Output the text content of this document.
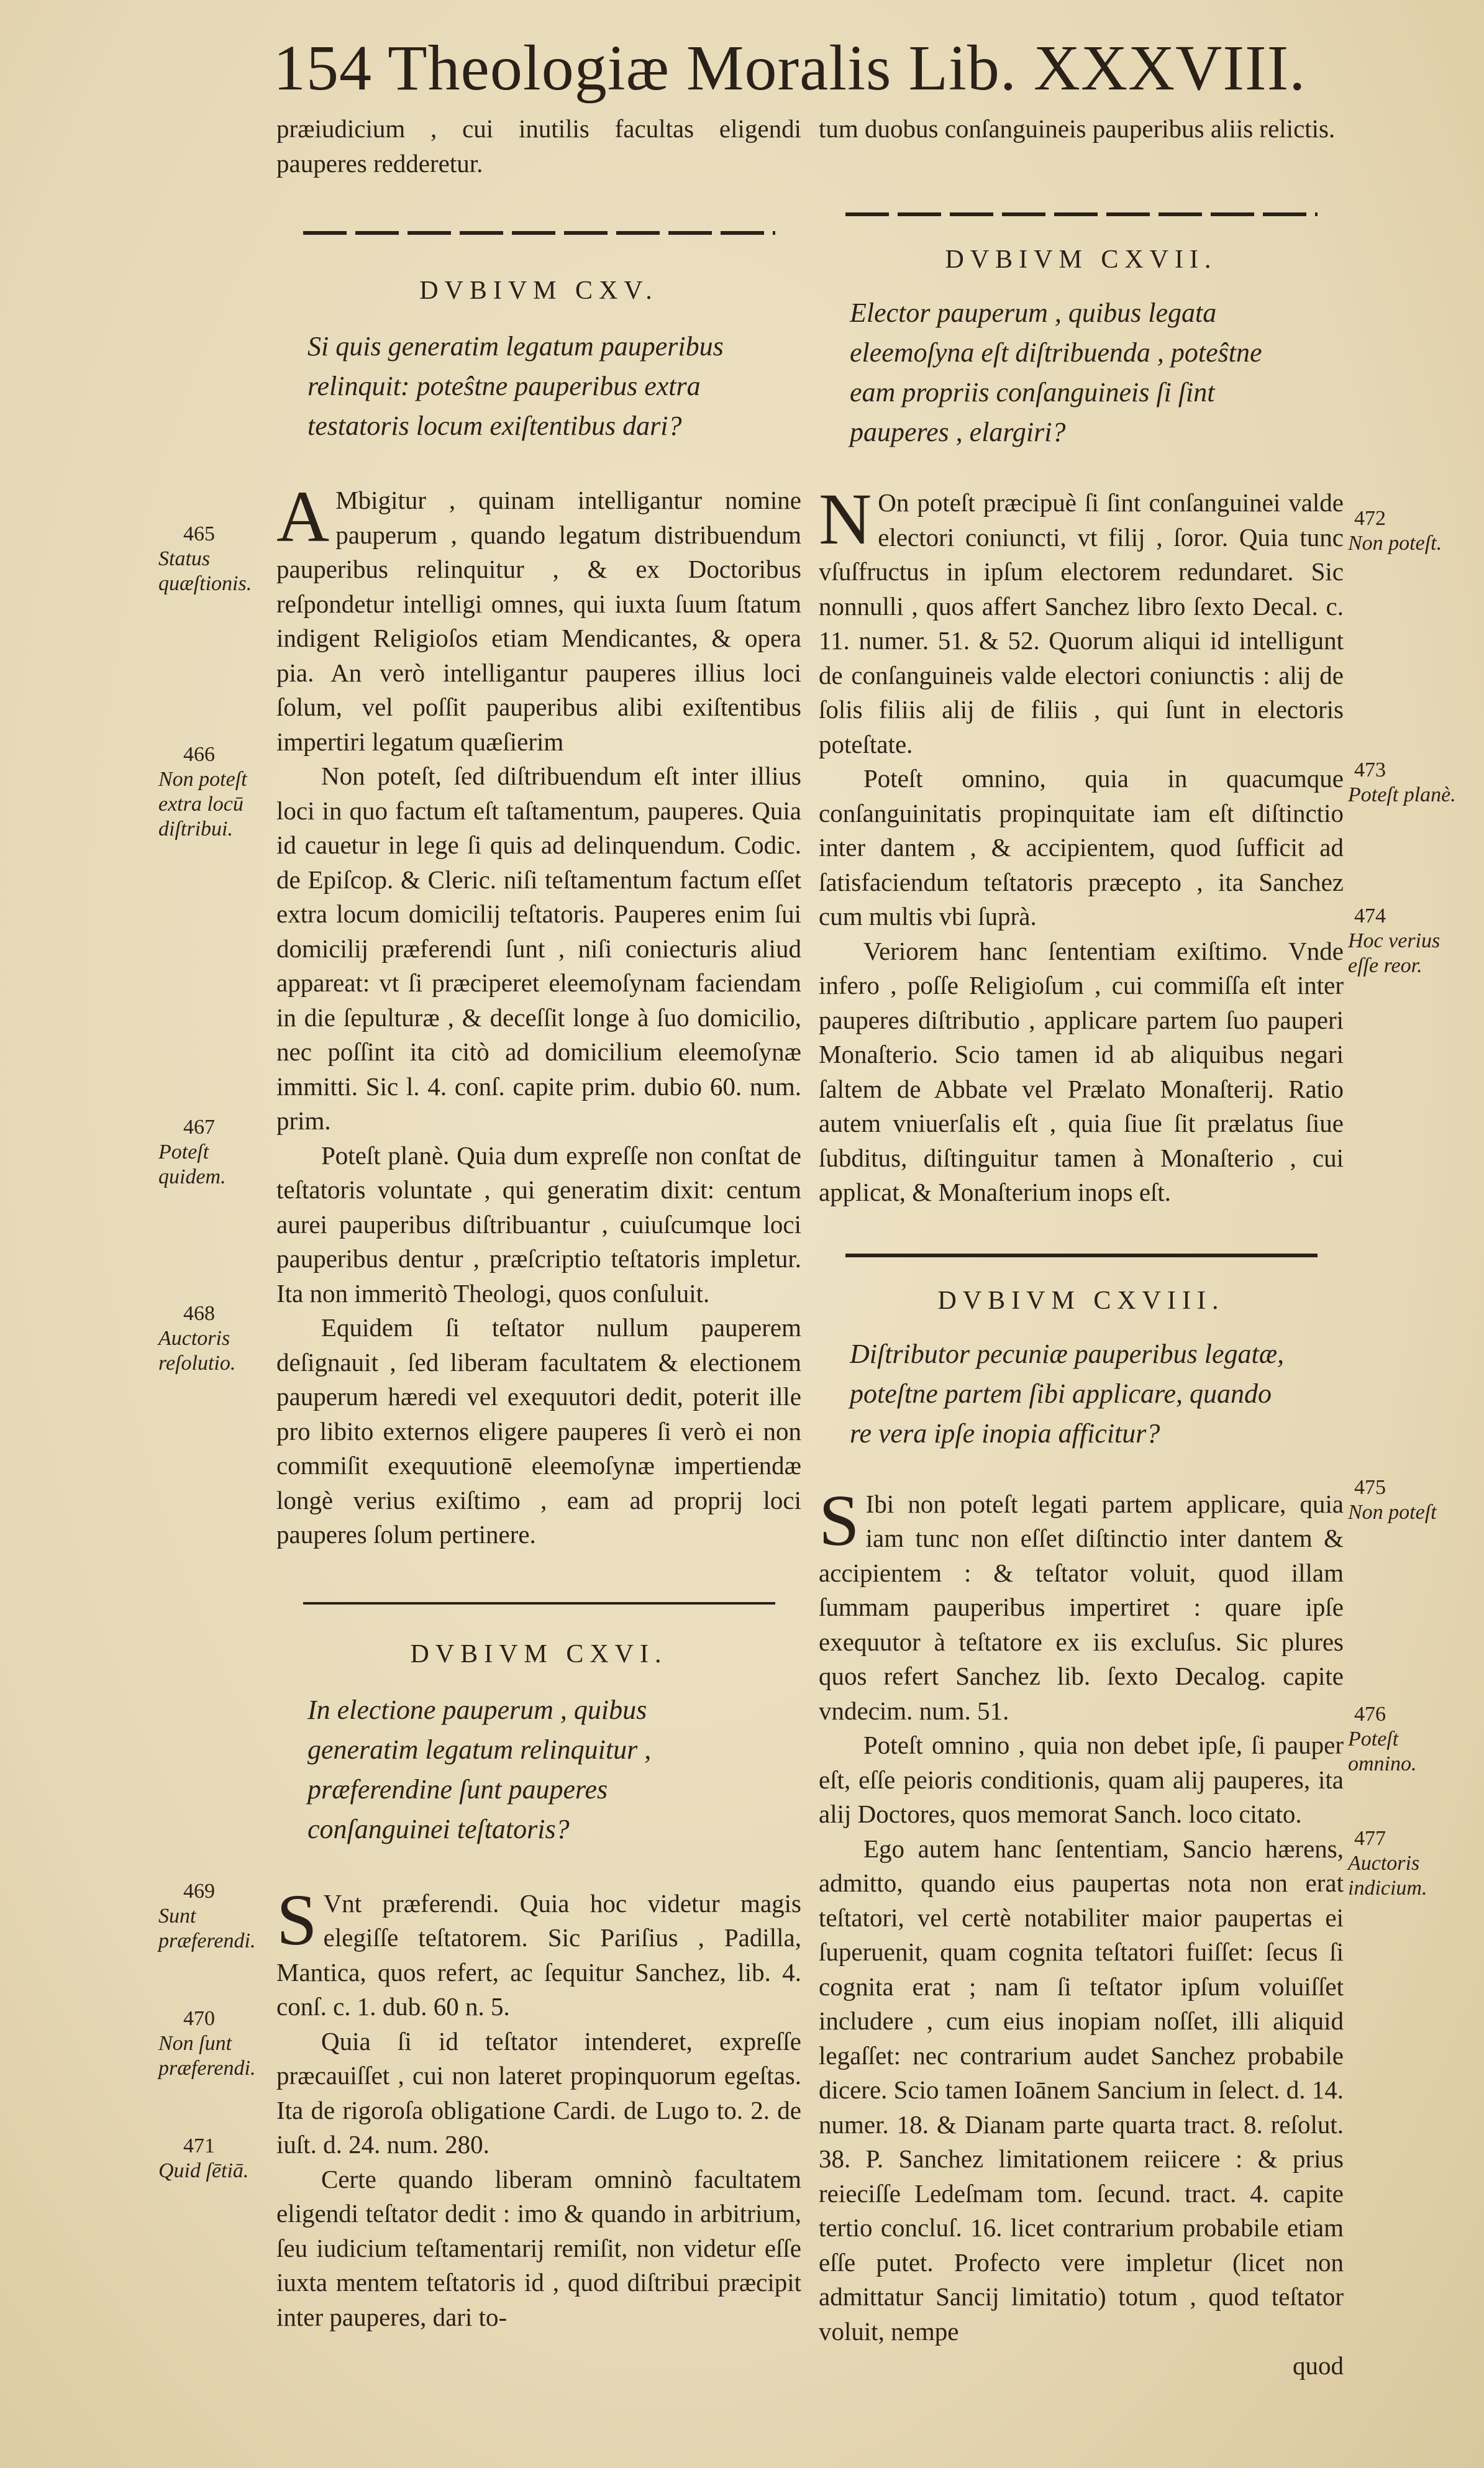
154 Theologiæ Moralis Lib. XXXVIII.
præiudicium , cui inutilis facultas eligendi pauperes redderetur.
DVBIVM CXV.
Si quis generatim legatum pauperibus relinquit: poteŝtne pauperibus extra testatoris locum exiſtentibus dari?

A Mbigitur , quinam intelligantur nomine pauperum , quando legatum distribuendum pauperibus relinquitur , & ex Doctoribus reſpondetur intelligi omnes, qui iuxta ſuum ſtatum indigent Religioſos etiam Mendicantes, & opera pia. An verò intelligantur pauperes illius loci ſolum, vel poſſit pauperibus alibi exiſtentibus impertiri legatum quæſierim

Non poteſt, ſed diſtribuendum eſt inter illius loci in quo factum eſt taſtamentum, pauperes. Quia id cauetur in lege ſi quis ad delinquendum. Codic. de Epiſcop. & Cleric. niſi teſtamentum factum eſſet extra locum domicilij teſtatoris. Pauperes enim ſui domicilij præferendi ſunt , niſi coniecturis aliud appareat: vt ſi præciperet eleemoſynam faciendam in die ſepulturæ , & deceſſit longe à ſuo domicilio, nec poſſint ita citò ad domicilium eleemoſynæ immitti. Sic l. 4. conſ. capite prim. dubio 60. num. prim.

Poteſt planè. Quia dum expreſſe non conſtat de teſtatoris voluntate , qui generatim dixit: centum aurei pauperibus diſtribuantur , cuiuſcumque loci pauperibus dentur , præſcriptio teſtatoris impletur. Ita non immeritò Theologi, quos conſuluit.

Equidem ſi teſtator nullum pauperem deſignauit , ſed liberam facultatem & electionem pauperum hæredi vel exequutori dedit, poterit ille pro libito externos eligere pauperes ſi verò ei non commiſit exequutionē eleemoſynæ impertiendæ longè verius exiſtimo , eam ad proprij loci pauperes ſolum pertinere.

DVBIVM CXVI.
In electione pauperum , quibus generatim legatum relinquitur , præferendine ſunt pauperes conſanguinei teſtatoris?

S Vnt præferendi. Quia hoc videtur magis elegiſſe teſtatorem. Sic Pariſius , Padilla, Mantica, quos refert, ac ſequitur Sanchez, lib. 4. conſ. c. 1. dub. 60 n. 5.

Quia ſi id teſtator intenderet, expreſſe præcauiſſet , cui non lateret propinquorum egeſtas. Ita de rigoroſa obligatione Cardi. de Lugo to. 2. de iuſt. d. 24. num. 280.

Certe quando liberam omninò facultatem eligendi teſtator dedit : imo & quando in arbitrium, ſeu iudicium teſtamentarij remiſit, non videtur eſſe iuxta mentem teſtatoris id , quod diſtribui præcipit inter pauperes, dari to-

465
Status quæſtionis.
466
Non poteſt extra locū diſtribui.
467
Poteſt quidem.
468
Auctoris reſolutio.
469
Sunt præferendi.
470
Non ſunt præferendi.
471
Quid ſētiā.
tum duobus conſanguineis pauperibus aliis relictis.
DVBIVM CXVII.
Elector pauperum , quibus legata eleemoſyna eſt diſtribuenda , poteŝtne eam propriis conſanguineis ſi ſint pauperes , elargiri?

N On poteſt præcipuè ſi ſint conſanguinei valde electori coniuncti, vt filij , ſoror. Quia tunc vſuſfructus in ipſum electorem redundaret. Sic nonnulli , quos affert Sanchez libro ſexto Decal. c. 11. numer. 51. & 52. Quorum aliqui id intelligunt de conſanguineis valde electori coniunctis : alij de ſolis filiis alij de filiis , qui ſunt in electoris poteſtate.

Poteſt omnino, quia in quacumque conſanguinitatis propinquitate iam eſt diſtinctio inter dantem , & accipientem, quod ſufficit ad ſatisfaciendum teſtatoris præcepto , ita Sanchez cum multis vbi ſuprà.

Veriorem hanc ſententiam exiſtimo. Vnde infero , poſſe Religioſum , cui commiſſa eſt inter pauperes diſtributio , applicare partem ſuo pauperi Monaſterio. Scio tamen id ab aliquibus negari ſaltem de Abbate vel Prælato Monaſterij. Ratio autem vniuerſalis eſt , quia ſiue ſit prælatus ſiue ſubditus, diſtinguitur tamen à Monaſterio , cui applicat, & Monaſterium inops eſt.

DVBIVM CXVIII.
Diſtributor pecuniæ pauperibus legatæ, poteſtne partem ſibi applicare, quando re vera ipſe inopia afficitur?

S Ibi non poteſt legati partem applicare, quia iam tunc non eſſet diſtinctio inter dantem & accipientem : & teſtator voluit, quod illam ſummam pauperibus impertiret : quare ipſe exequutor à teſtatore ex iis excluſus. Sic plures quos refert Sanchez lib. ſexto Decalog. capite vndecim. num. 51.

Poteſt omnino , quia non debet ipſe, ſi pauper eſt, eſſe peioris conditionis, quam alij pauperes, ita alij Doctores, quos memorat Sanch. loco citato.

Ego autem hanc ſententiam, Sancio hærens, admitto, quando eius paupertas nota non erat teſtatori, vel certè notabiliter maior paupertas ei ſuperuenit, quam cognita teſtatori fuiſſet: ſecus ſi cognita erat ; nam ſi teſtator ipſum voluiſſet includere , cum eius inopiam noſſet, illi aliquid legaſſet: nec contrarium audet Sanchez probabile dicere. Scio tamen Ioānem Sancium in ſelect. d. 14. numer. 18. & Dianam parte quarta tract. 8. reſolut. 38. P. Sanchez limitationem reiicere : & prius reieciſſe Ledeſmam tom. ſecund. tract. 4. capite tertio concluſ. 16. licet contrarium probabile etiam eſſe putet. Profecto vere impletur (licet non admittatur Sancij limitatio) totum , quod teſtator voluit, nempe

quod
472
Non poteſt.
473
Poteſt planè.
474
Hoc verius eſſe reor.
475
Non poteſt
476
Poteſt omnino.
477
Auctoris indicium.
